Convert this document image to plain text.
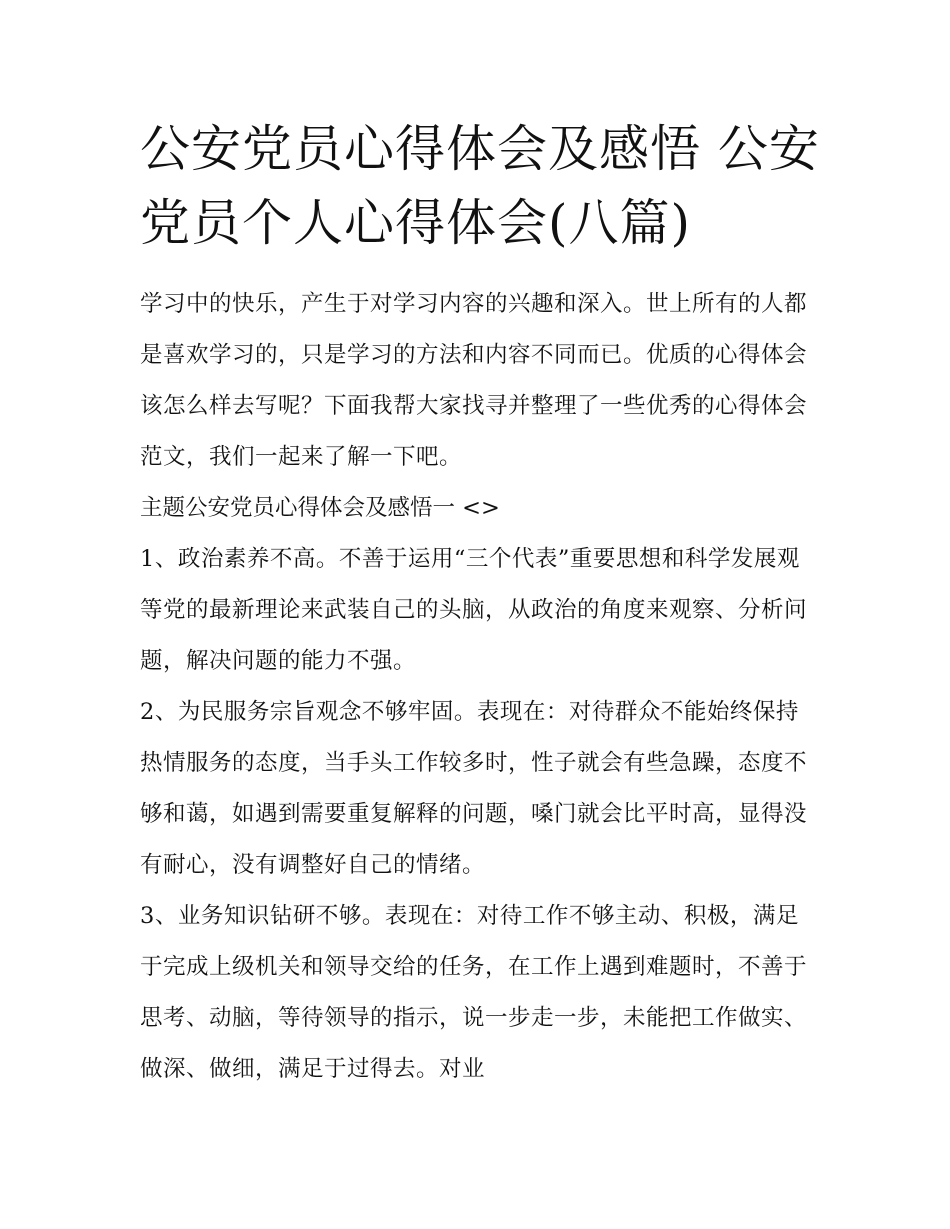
公安党员心得体会及感悟 公安党员个人心得体会(八篇)

学习中的快乐，产生于对学习内容的兴趣和深入。世上所有的人都是喜欢学习的，只是学习的方法和内容不同而已。优质的心得体会该怎么样去写呢？下面我帮大家找寻并整理了一些优秀的心得体会范文，我们一起来了解一下吧。

主题公安党员心得体会及感悟一 <>

1、政治素养不高。不善于运用“三个代表”重要思想和科学发展观等党的最新理论来武装自己的头脑，从政治的角度来观察、分析问题，解决问题的能力不强。

2、为民服务宗旨观念不够牢固。表现在：对待群众不能始终保持热情服务的态度，当手头工作较多时，性子就会有些急躁，态度不够和蔼，如遇到需要重复解释的问题，嗓门就会比平时高，显得没有耐心，没有调整好自己的情绪。

3、业务知识钻研不够。表现在：对待工作不够主动、积极，满足于完成上级机关和领导交给的任务，在工作上遇到难题时，不善于思考、动脑，等待领导的指示，说一步走一步，未能把工作做实、做深、做细，满足于过得去。对业
